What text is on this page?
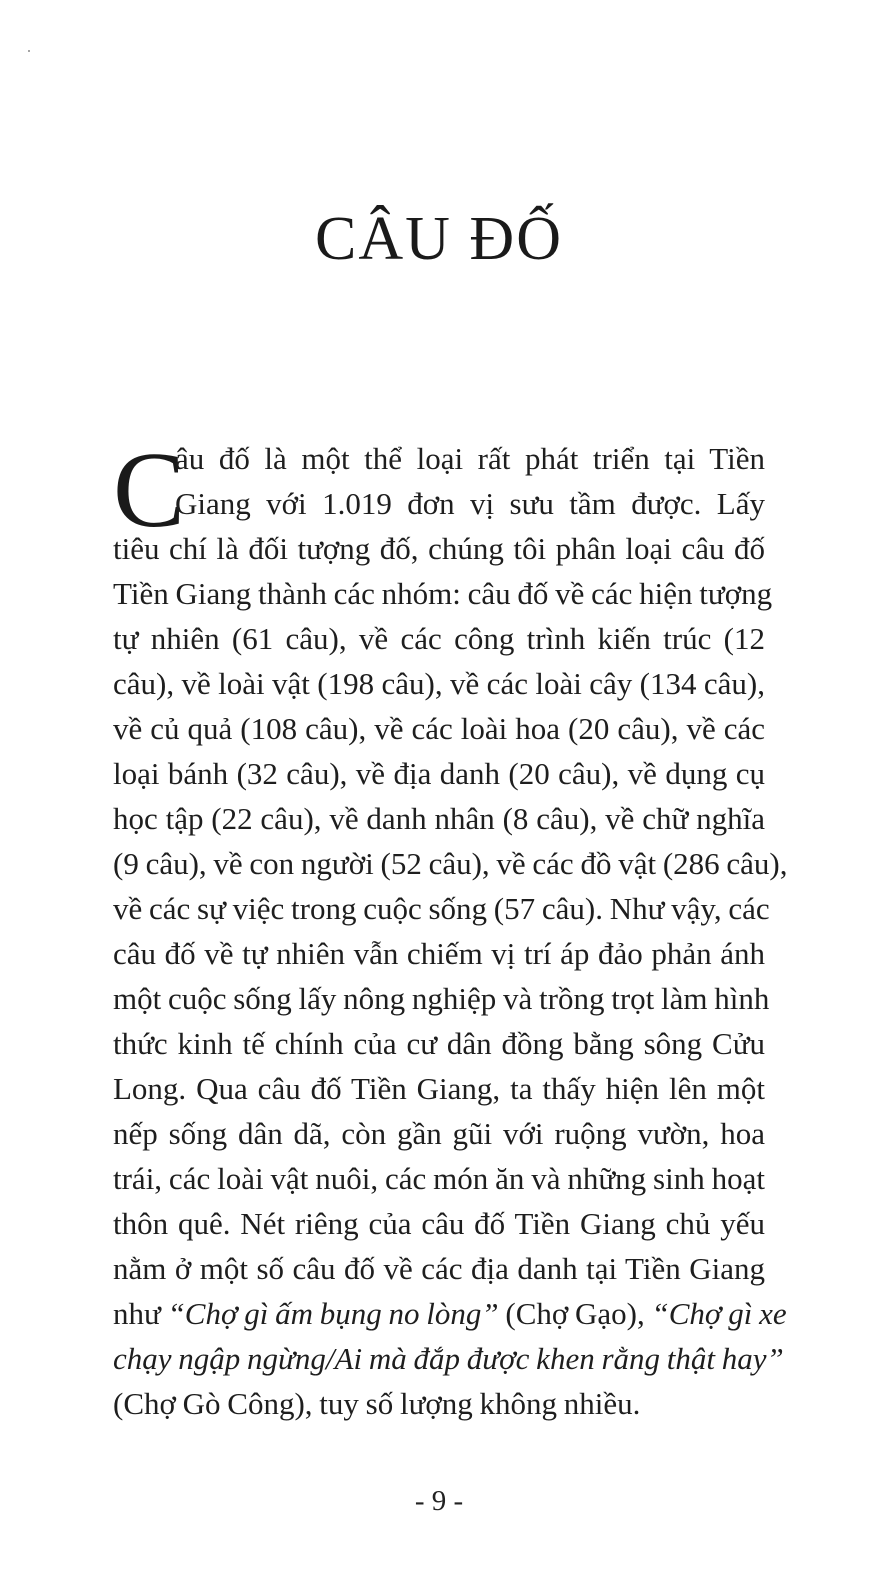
CÂU ĐỐ
C
âu đố là một thể loại rất phát triển tại Tiền
Giang với 1.019 đơn vị sưu tầm được. Lấy
tiêu chí là đối tượng đố, chúng tôi phân loại câu đố
Tiền Giang thành các nhóm: câu đố về các hiện tượng
tự nhiên (61 câu), về các công trình kiến trúc (12
câu), về loài vật (198 câu), về các loài cây (134 câu),
về củ quả (108 câu), về các loài hoa (20 câu), về các
loại bánh (32 câu), về địa danh (20 câu), về dụng cụ
học tập (22 câu), về danh nhân (8 câu), về chữ nghĩa
(9 câu), về con người (52 câu), về các đồ vật (286 câu),
về các sự việc trong cuộc sống (57 câu). Như vậy, các
câu đố về tự nhiên vẫn chiếm vị trí áp đảo phản ánh
một cuộc sống lấy nông nghiệp và trồng trọt làm hình
thức kinh tế chính của cư dân đồng bằng sông Cửu
Long. Qua câu đố Tiền Giang, ta thấy hiện lên một
nếp sống dân dã, còn gần gũi với ruộng vườn, hoa
trái, các loài vật nuôi, các món ăn và những sinh hoạt
thôn quê. Nét riêng của câu đố Tiền Giang chủ yếu
nằm ở một số câu đố về các địa danh tại Tiền Giang
như “Chợ gì ấm bụng no lòng” (Chợ Gạo), “Chợ gì xe
chạy ngập ngừng/Ai mà đắp được khen rằng thật hay”
(Chợ Gò Công), tuy số lượng không nhiều.
- 9 -
